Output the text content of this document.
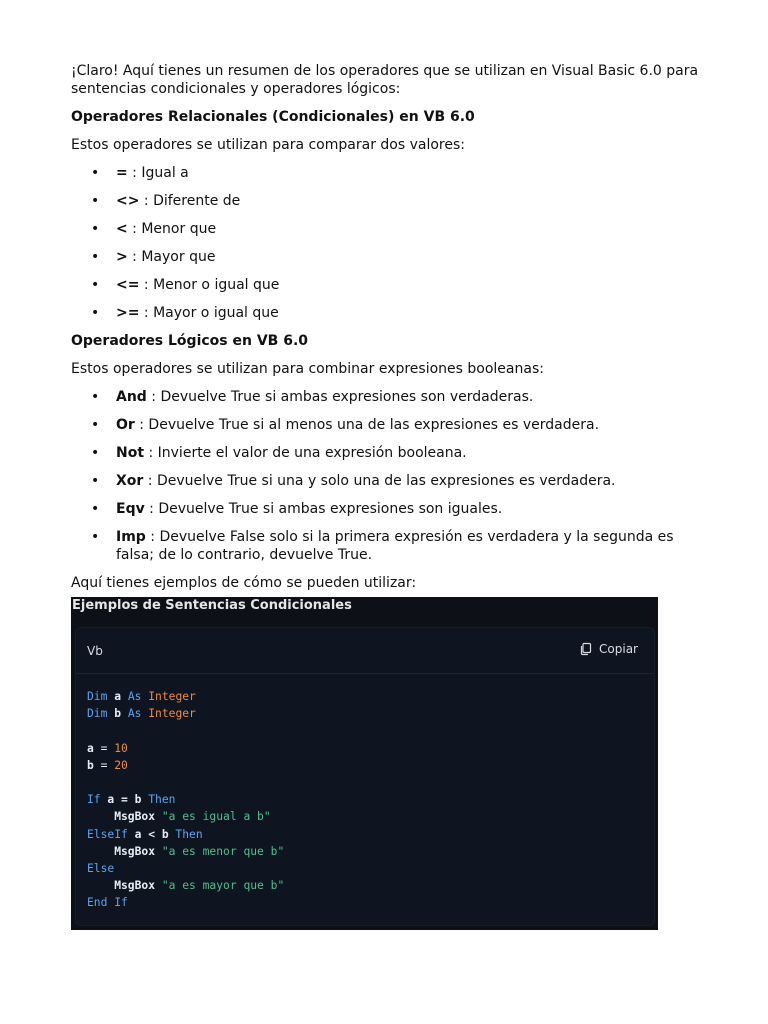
¡Claro! Aquí tienes un resumen de los operadores que se utilizan en Visual Basic 6.0 para sentencias condicionales y operadores lógicos:

Operadores Relacionales (Condicionales) en VB 6.0

Estos operadores se utilizan para comparar dos valores:

• = : Igual a
• <> : Diferente de
• < : Menor que
• > : Mayor que
• <= : Menor o igual que
• >= : Mayor o igual que

Operadores Lógicos en VB 6.0

Estos operadores se utilizan para combinar expresiones booleanas:

• And : Devuelve True si ambas expresiones son verdaderas.
• Or : Devuelve True si al menos una de las expresiones es verdadera.
• Not : Invierte el valor de una expresión booleana.
• Xor : Devuelve True si una y solo una de las expresiones es verdadera.
• Eqv : Devuelve True si ambas expresiones son iguales.
• Imp : Devuelve False solo si la primera expresión es verdadera y la segunda es falsa; de lo contrario, devuelve True.

Aquí tienes ejemplos de cómo se pueden utilizar:

Ejemplos de Sentencias Condicionales
Vb	Copiar
Dim a As Integer
Dim b As Integer
a = 10
b = 20
If a = b Then
MsgBox "a es igual a b"
ElseIf a < b Then
MsgBox "a es menor que b"
Else
MsgBox "a es mayor que b"
End If
